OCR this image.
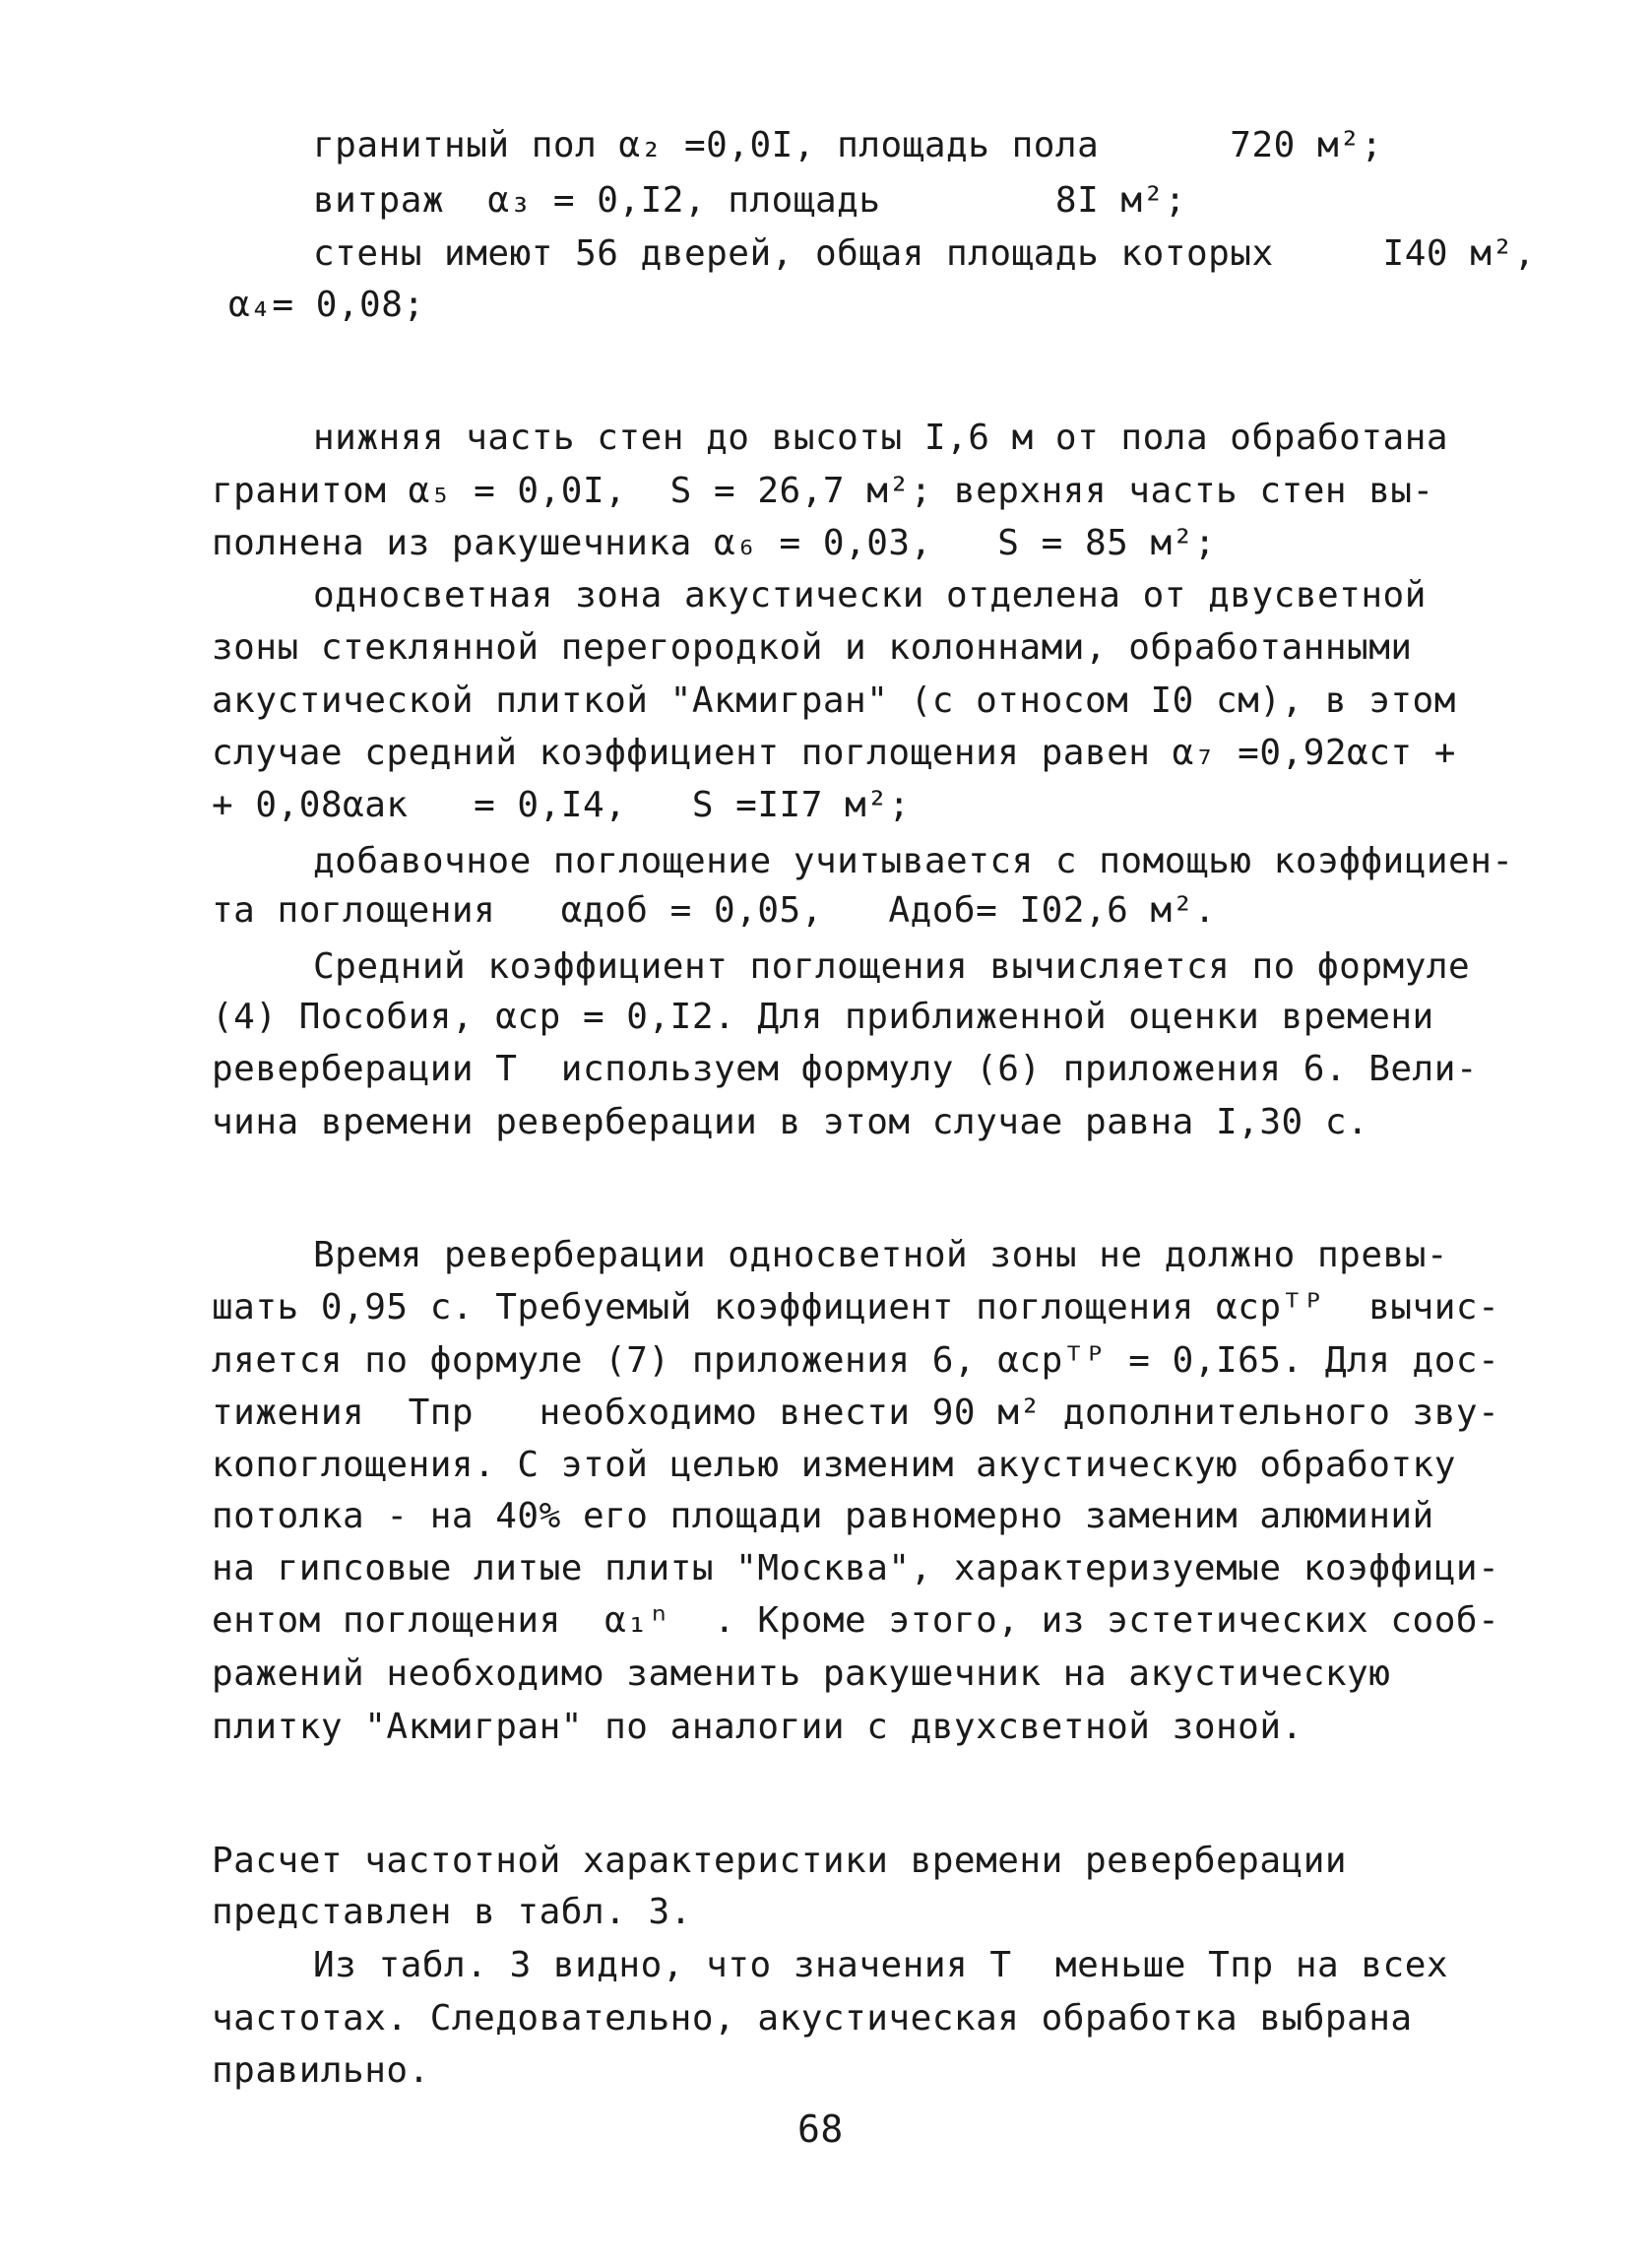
гранитный пол α₂ =0,0I, площадь пола      720 м²;
витраж  α₃ = 0,I2, площадь        8I м²;
стены имеют 56 дверей, общая площадь которых     I40 м²,
α₄= 0,08;
нижняя часть стен до высоты I,6 м от пола обработана
гранитом α₅ = 0,0I,  S = 26,7 м²; верхняя часть стен вы-
полнена из ракушечника α₆ = 0,03,   S = 85 м²;
односветная зона акустически отделена от двусветной
зоны стеклянной перегородкой и колоннами, обработанными
акустической плиткой "Акмигран" (с относом I0 см), в этом
случае средний коэффициент поглощения равен α₇ =0,92αст +
+ 0,08αак   = 0,I4,   S =II7 м²;
добавочное поглощение учитывается с помощью коэффициен-
та поглощения   αдоб = 0,05,   Aдоб= I02,6 м².
Средний коэффициент поглощения вычисляется по формуле
(4) Пособия, αср = 0,I2. Для приближенной оценки времени
реверберации T  используем формулу (6) приложения 6. Вели-
чина времени реверберации в этом случае равна I,30 с.
Время реверберации односветной зоны не должно превы-
шать 0,95 с. Требуемый коэффициент поглощения αсрᵀᴾ  вычис-
ляется по формуле (7) приложения 6, αсрᵀᴾ = 0,I65. Для дос-
тижения  Tпр   необходимо внести 90 м² дополнительного зву-
копоглощения. С этой целью изменим акустическую обработку
потолка - на 40% его площади равномерно заменим алюминий
на гипсовые литые плиты "Москва", характеризуемые коэффици-
ентом поглощения  α₁ⁿ  . Кроме этого, из эстетических сооб-
ражений необходимо заменить ракушечник на акустическую
плитку "Акмигран" по аналогии с двухсветной зоной.
Расчет частотной характеристики времени реверберации
представлен в табл. 3.
Из табл. 3 видно, что значения T  меньше Tпр на всех
частотах. Следовательно, акустическая обработка выбрана
правильно.
68
